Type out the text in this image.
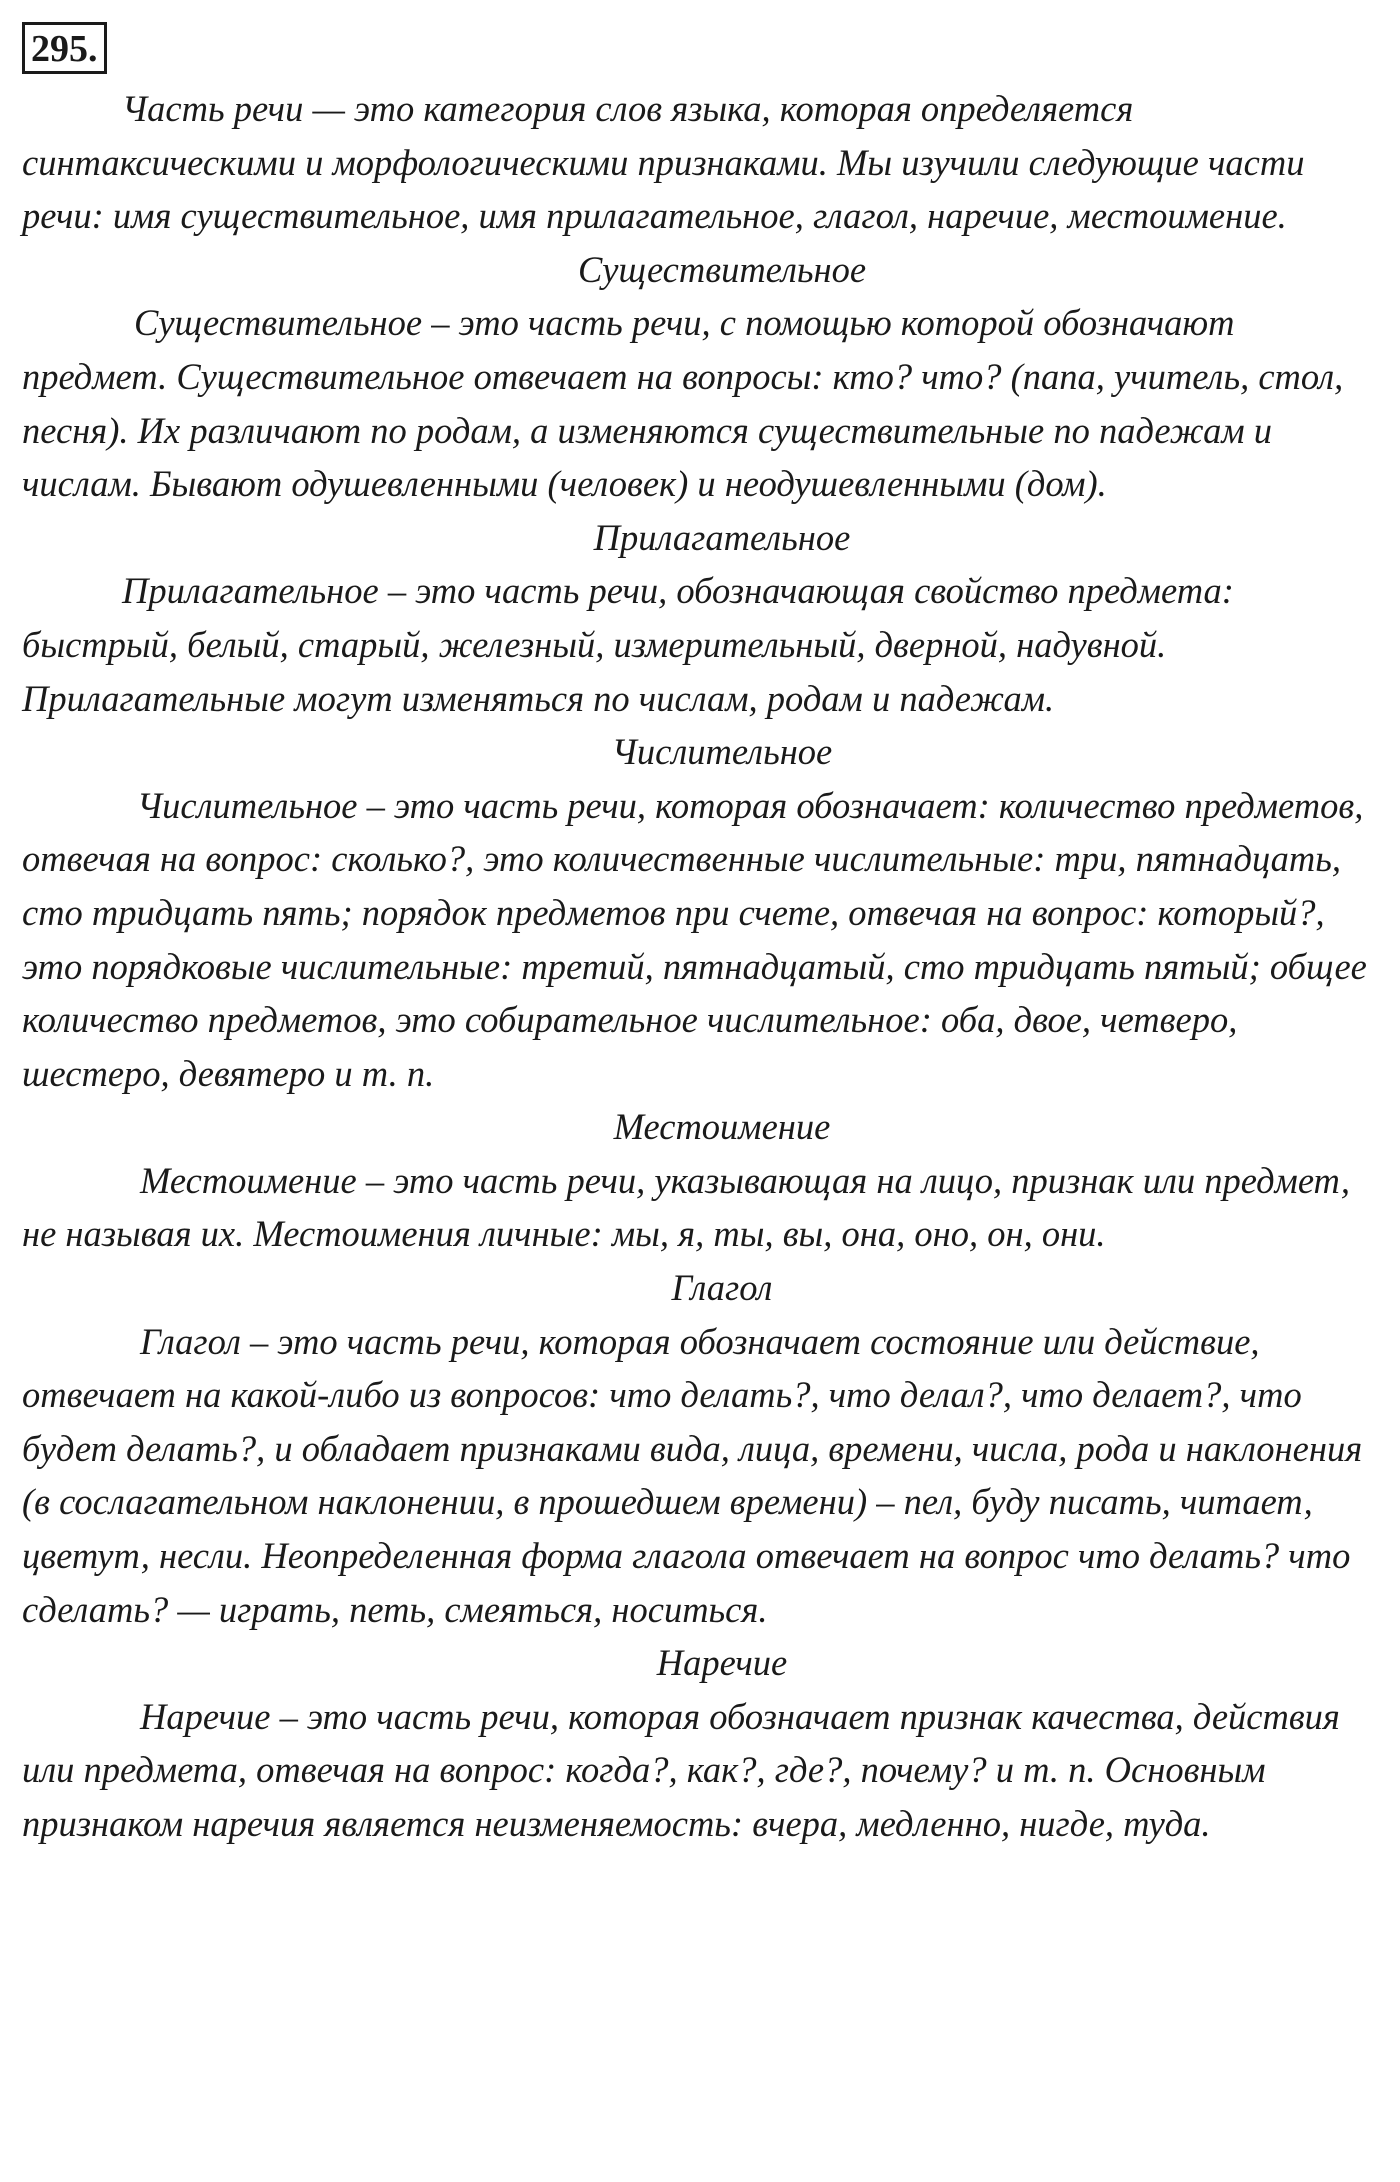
295.

Часть речи — это категория слов языка, которая определяется синтаксическими и морфологическими признаками. Мы изучили следующие части речи: имя существительное, имя прилагательное, глагол, наречие, местоимение.

Существительное

Существительное – это часть речи, с помощью которой обозначают предмет. Существительное отвечает на вопросы: кто? что? (папа, учитель, стол, песня). Их различают по родам, а изменяются существительные по падежам и числам. Бывают одушевленными (человек) и неодушевленными (дом).

Прилагательное

Прилагательное – это часть речи, обозначающая свойство предмета: быстрый, белый, старый, железный, измерительный, дверной, надувной. Прилагательные могут изменяться по числам, родам и падежам.

Числительное

Числительное – это часть речи, которая обозначает: количество предметов, отвечая на вопрос: сколько?, это количественные числительные: три, пятнадцать, сто тридцать пять; порядок предметов при счете, отвечая на вопрос: который?, это порядковые числительные: третий, пятнадцатый, сто тридцать пятый; общее количество предметов, это собирательное числительное: оба, двое, четверо, шестеро, девятеро и т. п.

Местоимение

Местоимение – это часть речи, указывающая на лицо, признак или предмет, не называя их. Местоимения личные: мы, я, ты, вы, она, оно, он, они.

Глагол

Глагол – это часть речи, которая обозначает состояние или действие, отвечает на какой-либо из вопросов: что делать?, что делал?, что делает?, что будет делать?, и обладает признаками вида, лица, времени, числа, рода и наклонения (в сослагательном наклонении, в прошедшем времени) – пел, буду писать, читает, цветут, несли. Неопределенная форма глагола отвечает на вопрос что делать? что сделать? — играть, петь, смеяться, носиться.

Наречие

Наречие – это часть речи, которая обозначает признак качества, действия или предмета, отвечая на вопрос: когда?, как?, где?, почему? и т. п. Основным признаком наречия является неизменяемость: вчера, медленно, нигде, туда.
